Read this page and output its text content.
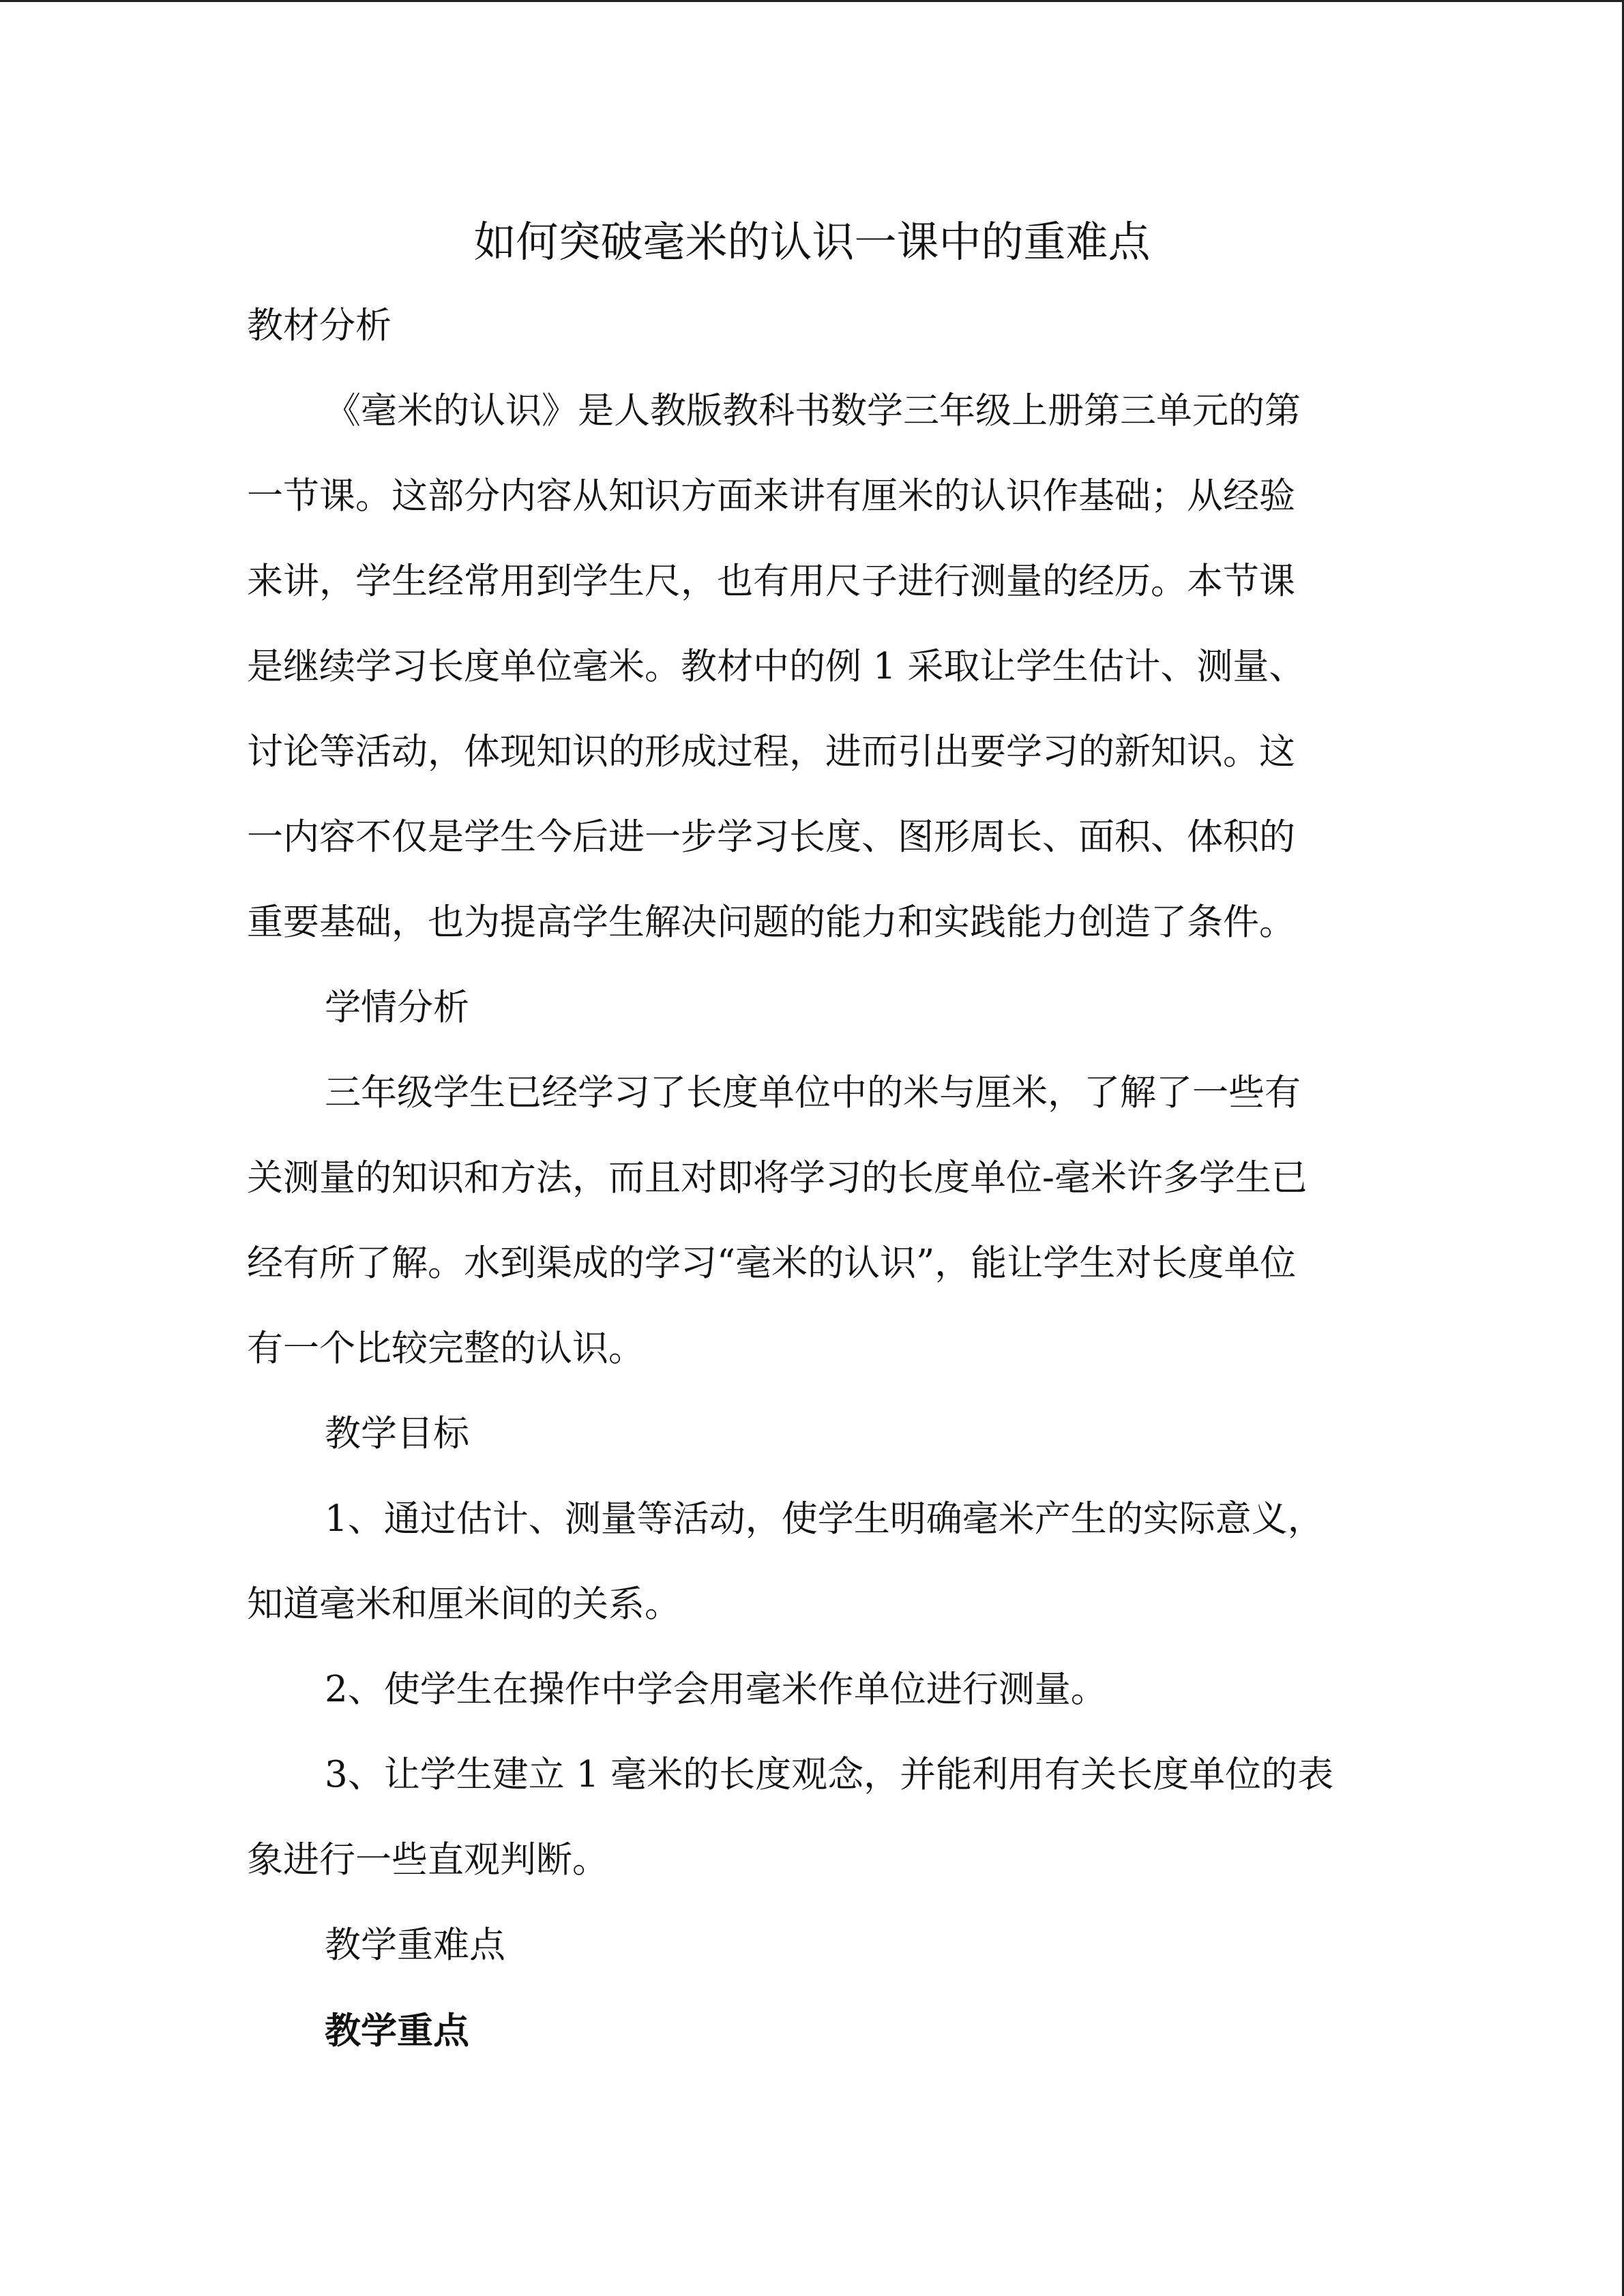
如何突破毫米的认识一课中的重难点
教材分析
《毫米的认识》是人教版教科书数学三年级上册第三单元的第
一节课。这部分内容从知识方面来讲有厘米的认识作基础；从经验
来讲，学生经常用到学生尺，也有用尺子进行测量的经历。本节课
是继续学习长度单位毫米。教材中的例 1 采取让学生估计、测量、
讨论等活动，体现知识的形成过程，进而引出要学习的新知识。这
一内容不仅是学生今后进一步学习长度、图形周长、面积、体积的
重要基础，也为提高学生解决问题的能力和实践能力创造了条件。
学情分析
三年级学生已经学习了长度单位中的米与厘米，了解了一些有
关测量的知识和方法，而且对即将学习的长度单位-毫米许多学生已
经有所了解。水到渠成的学习“毫米的认识”，能让学生对长度单位
有一个比较完整的认识。
教学目标
1、通过估计、测量等活动，使学生明确毫米产生的实际意义，
知道毫米和厘米间的关系。
2、使学生在操作中学会用毫米作单位进行测量。
3、让学生建立 1 毫米的长度观念，并能利用有关长度单位的表
象进行一些直观判断。
教学重难点
教学重点
